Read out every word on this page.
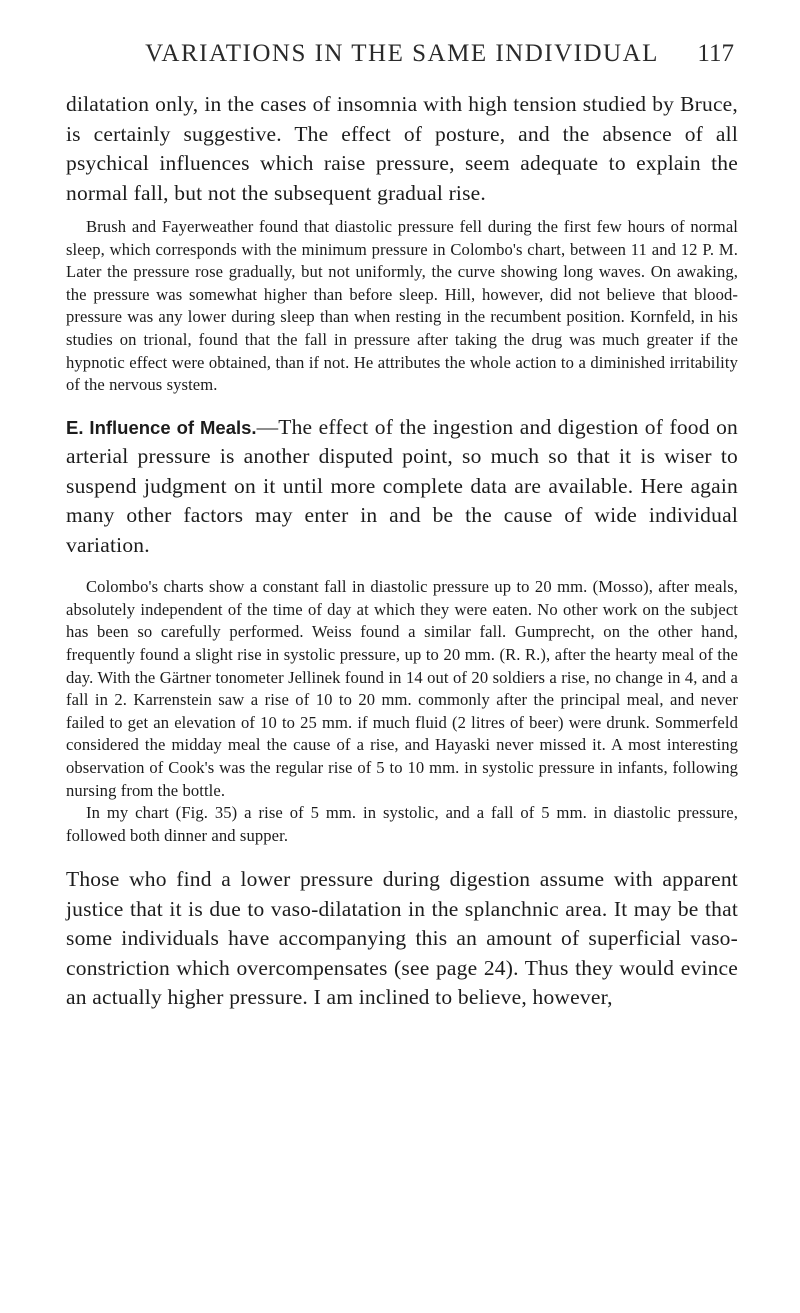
VARIATIONS IN THE SAME INDIVIDUAL 117

dilatation only, in the cases of insomnia with high tension studied by Bruce, is certainly suggestive. The effect of posture, and the absence of all psychical influences which raise pressure, seem adequate to explain the normal fall, but not the subsequent gradual rise.

Brush and Fayerweather found that diastolic pressure fell during the first few hours of normal sleep, which corresponds with the minimum pressure in Colombo's chart, between 11 and 12 P. M. Later the pressure rose gradually, but not uniformly, the curve showing long waves. On awaking, the pressure was somewhat higher than before sleep. Hill, however, did not believe that blood-pressure was any lower during sleep than when resting in the recumbent position. Kornfeld, in his studies on trional, found that the fall in pressure after taking the drug was much greater if the hypnotic effect were obtained, than if not. He attributes the whole action to a diminished irritability of the nervous system.

E. Influence of Meals.—The effect of the ingestion and digestion of food on arterial pressure is another disputed point, so much so that it is wiser to suspend judgment on it until more complete data are available. Here again many other factors may enter in and be the cause of wide individual variation.

Colombo's charts show a constant fall in diastolic pressure up to 20 mm. (Mosso), after meals, absolutely independent of the time of day at which they were eaten. No other work on the subject has been so carefully performed. Weiss found a similar fall. Gumprecht, on the other hand, frequently found a slight rise in systolic pressure, up to 20 mm. (R. R.), after the hearty meal of the day. With the Gärtner tonometer Jellinek found in 14 out of 20 soldiers a rise, no change in 4, and a fall in 2. Karrenstein saw a rise of 10 to 20 mm. commonly after the principal meal, and never failed to get an elevation of 10 to 25 mm. if much fluid (2 litres of beer) were drunk. Sommerfeld considered the midday meal the cause of a rise, and Hayaski never missed it. A most interesting observation of Cook's was the regular rise of 5 to 10 mm. in systolic pressure in infants, following nursing from the bottle.

In my chart (Fig. 35) a rise of 5 mm. in systolic, and a fall of 5 mm. in diastolic pressure, followed both dinner and supper.

Those who find a lower pressure during digestion assume with apparent justice that it is due to vaso-dilatation in the splanchnic area. It may be that some individuals have accompanying this an amount of superficial vaso-constriction which overcompensates (see page 24). Thus they would evince an actually higher pressure. I am inclined to believe, however,
